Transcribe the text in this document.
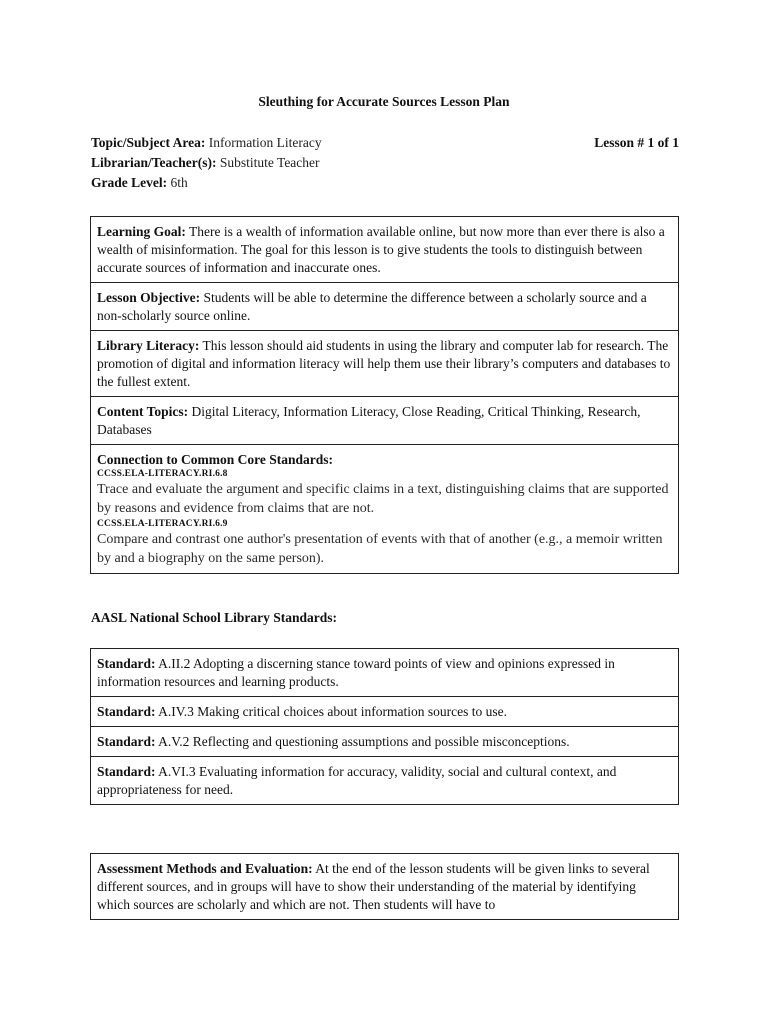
Sleuthing for Accurate Sources Lesson Plan
Topic/Subject Area: Information Literacy	Lesson # 1 of 1
Librarian/Teacher(s): Substitute Teacher
Grade Level: 6th
Learning Goal: There is a wealth of information available online, but now more than ever there is also a wealth of misinformation. The goal for this lesson is to give students the tools to distinguish between accurate sources of information and inaccurate ones.
Lesson Objective: Students will be able to determine the difference between a scholarly source and a non-scholarly source online.
Library Literacy: This lesson should aid students in using the library and computer lab for research. The promotion of digital and information literacy will help them use their library’s computers and databases to the fullest extent.
Content Topics: Digital Literacy, Information Literacy, Close Reading, Critical Thinking, Research, Databases
Connection to Common Core Standards:
CCSS.ELA-LITERACY.RI.6.8
Trace and evaluate the argument and specific claims in a text, distinguishing claims that are supported by reasons and evidence from claims that are not.
CCSS.ELA-LITERACY.RI.6.9
Compare and contrast one author's presentation of events with that of another (e.g., a memoir written by and a biography on the same person).
AASL National School Library Standards:
Standard: A.II.2 Adopting a discerning stance toward points of view and opinions expressed in information resources and learning products.
Standard: A.IV.3 Making critical choices about information sources to use.
Standard: A.V.2 Reflecting and questioning assumptions and possible misconceptions.
Standard: A.VI.3 Evaluating information for accuracy, validity, social and cultural context, and appropriateness for need.
Assessment Methods and Evaluation: At the end of the lesson students will be given links to several different sources, and in groups will have to show their understanding of the material by identifying which sources are scholarly and which are not. Then students will have to
